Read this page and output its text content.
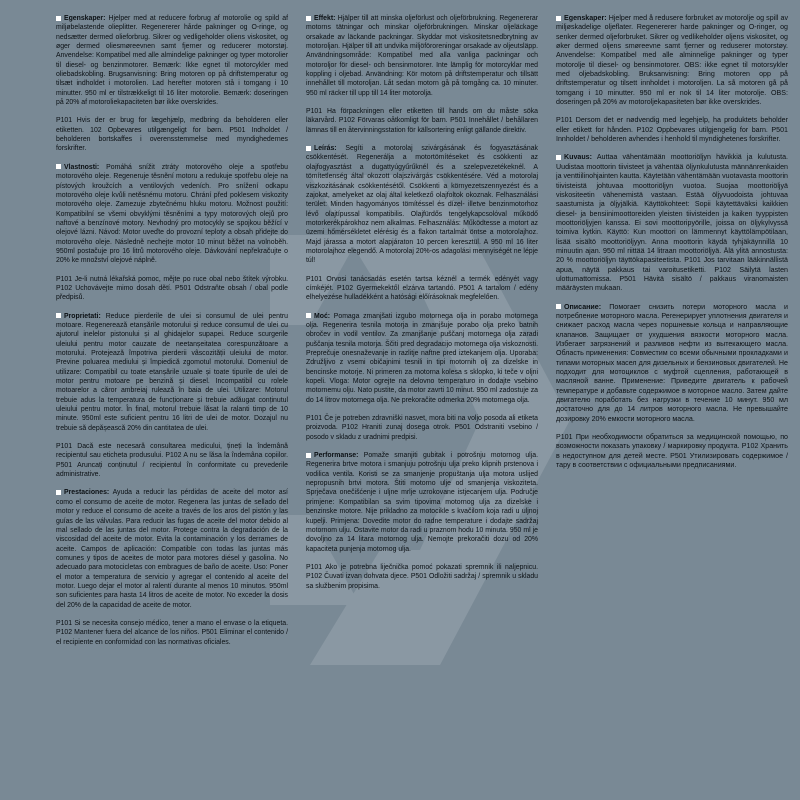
Egenskaper: Hjelper med at reducere forbrug af motorolie og spild af miljøbelastende olieplitter. Regenererer hårde pakninger og O-ringe, og nedsætter dermed olieforbrug. Sikrer og vedligeholder oliens viskositet, og øger dermed oliesmøreevnen samt fjerner og reducerer motorstøj. Anvendelse: Kompatibel med alle almindelige pakninger og typer motorolier til diesel- og benzinmotorer. Bemærk: Ikke egnet til motorcykler med oliebadskobling. Brugsanvisning: Bring motoren op på driftstemperatur og tilsæt indholdet i motorolien. Lad herefter motoren stå i tomgang i 10 minutter. 950 ml er tilstrækkeligt til 16 liter motorolie. Bemærk: doseringen på 20% af motoroliekapaciteten bør ikke overskrides.

P101 Hvis der er brug for lægehjælp, medbring da beholderen eller etiketten. 102 Opbevares utilgængeligt for børn. P501 Indholdet / beholderen bortskaffes i overensstemmelse med myndighedernes forskrifter.

Vlastnosti: Pomáhá snížit ztráty motorového oleje a spotřebu motorového oleje. Regeneruje těsnění motoru a redukuje spotřebu oleje na pístových kroužcích a ventilových vedeních. Pro snížení odkapu motorového oleje kvůli netěsnému motoru. Chrání před poklesem viskozity motorového oleje. Zamezuje zbytečnému hluku motoru. Možnost použití: Kompatibilní se všemi obvyklými těsněními a typy motorových olejů pro naftové a benzínové motory. Nevhodný pro motocykly se spojkou běžící v olejové lázni. Návod: Motor uveďte do provozní teploty a obsah přidejte do motorového oleje. Následně nechejte motor 10 minut běžet na volnoběh. 950ml postačuje pro 16 litrů motorového oleje. Dávkování nepřekračujte o 20% ke množství olejové náplně.

P101 Je-li nutná lékařská pomoc, mějte po ruce obal nebo štítek výrobku. P102 Uchovávejte mimo dosah dětí. P501 Odstraňte obsah / obal podle předpisů.

Proprietati: Reduce pierderile de ulei si consumul de ulei pentru motoare. Regenerează etanșările motorului și reduce consumul de ulei cu ajutorul inelelor pistonului și al ghidajelor supapei. Reduce scurgerile uleiului pentru motor cauzate de neetanșeitatea corespunzătoare a motorului. Protejează împotriva pierderii vâscozității uleiului de motor. Previne poluarea mediului și împiedică zgomotul motorului. Domeniul de utilizare: Compatibil cu toate etanșările uzuale și toate tipurile de ulei de motor pentru motoare pe benzină și diesel. Incompatibil cu rolele motoarelor a căror ambreiaj rulează în baia de ulei. Utilizare: Motorul trebuie adus la temperatura de funcționare și trebuie adăugat conținutul uleiului pentru motor. În final, motorul trebuie lăsat la ralanti timp de 10 minute. 950ml este suficient pentru 16 litri de ulei de motor. Dozajul nu trebuie să depășească 20% din cantitatea de ulei.

P101 Dacă este necesară consultarea medicului, țineți la îndemână recipientul sau eticheta produsului. P102 A nu se lăsa la îndemâna copiilor. P501 Aruncați conținutul / recipientul în conformitate cu prevederile administrative.

Prestaciones: Ayuda a reducir las pérdidas de aceite del motor así como el consumo de aceite de motor. Regenera las juntas de sellado del motor y reduce el consumo de aceite a través de los aros del pistón y las guías de las válvulas. Para reducir las fugas de aceite del motor debido al mal sellado de las juntas del motor. Protege contra la degradación de la viscosidad del aceite de motor. Evita la contaminación y los derrames de aceite. Campos de aplicación: Compatible con todas las juntas más comunes y tipos de aceites de motor para motores diésel y gasolina. No adecuado para motocicletas con embragues de baño de aceite. Uso: Poner el motor a temperatura de servicio y agregar el contenido al aceite del motor. Luego dejar el motor al ralentí durante al menos 10 minutos. 950ml son suficientes para hasta 14 litros de aceite de motor. No exceder la dosis del 20% de la capacidad de aceite de motor.

P101 Si se necesita consejo médico, tener a mano el envase o la etiqueta. P102 Mantener fuera del alcance de los niños. P501 Eliminar el contenido / el recipiente en conformidad con las normativas oficiales.

Effekt: Hjälper till att minska oljeförlust och oljeförbrukning. Regenererar motorns tätningar och minskar oljeförbrukningen. Minskar oljeläckage orsakade av läckande packningar. Skyddar mot viskositetsnedbrytning av motoroljan. Hjälper till att undvika miljöföroreningar orsakade av oljeutsläpp. Användningsområde: Kompatibel med alla vanliga packningar och motoroljor för diesel- och bensinmotorer. Inte lämplig för motorcyklar med koppling i oljebad. Användning: Kör motorn på driftstemperatur och tillsätt innehållet till motoroljan. Låt sedan motorn gå på tomgång ca. 10 minuter. 950 ml räcker till upp till 14 liter motorolja.

P101 Ha förpackningen eller etiketten till hands om du måste söka läkarvård. P102 Förvaras oåtkomligt för barn. P501 Innehållet / behållaren lämnas till en återvinningsstation för källsortering enligt gällande direktiv.

Leírás: Segíti a motorolaj szivárgásának és fogyasztásának csökkentését. Regenerálja a motortömítéseket és csökkenti az olajfogyasztást a dugattyúgyűrűknél és a szelepvezetékeknél. A tömítetlenség által okozott olajszivárgás csökkentésére. Véd a motorolaj viszkozitásának csökkentésétől. Csökkenti a környezetszennyezést és a zajokat, amelyeket az olaj által keletkező olajfoltok okoznak. Felhasználási terület: Minden hagyományos tömítéssel és dízel- illetve benzinmotorhoz lévő olajtípussal kompatibilis. Olajfürdős tengelykapcsolóval működő motorkerékpárokhoz nem alkalmas. Felhasználás: Működtesse a motort az üzemi hőmérsékletet elérésig és a flakon tartalmát öntse a motorolajhoz. Majd járassa a motort alapjáraton 10 percen keresztül. A 950 ml 16 liter motorolajhoz elegendő. A motorolaj 20%-os adagolási mennyiségét ne lépje túl!

P101 Orvosi tanácsadás esetén tartsa kéznél a termék edényét vagy címkéjét. P102 Gyermekektől elzárva tartandó. P501 A tartalom / edény elhelyezése hulladékként a hatósági előírásoknak megfelelően.

Moć: Pomaga zmanjšati izgubo motornega olja in porabo motornega olja. Regenerira tesnila motorja in zmanjšuje porabo olja preko batnih obročev in vodil ventilov. Za zmanjšanje puščanj motornega olja zaradi puščanja tesnila motorja. Ščiti pred degradacijo motornega olja viskoznosti. Preprečuje onesnaževanje in razlitje naftne pred iztekanjem olja. Uporaba: Združljivo z vsemi običajnimi tesnili in tipi motornih olj za dizelske in bencinske motorje. Ni primeren za motorna kolesa s sklopko, ki teče v oljni kopeli. Vloga: Motor ogrejte na delovno temperaturo in dodajte vsebino motornemu olju. Nato pustite, da motor zavrti 10 minut. 950 ml zadostuje za do 14 litrov motornega olja. Ne prekoračite odmerka 20% motornega olja.

P101 Če je potreben zdravniški nasvet, mora biti na voljo posoda ali etiketa proizvoda. P102 Hraniti zunaj dosega otrok. P501 Odstraniti vsebino / posodo v skladu z uradnimi predpisi.

Performanse: Pomaže smanjiti gubitak i potrošnju motornog ulja. Regenerira brtve motora i smanjuju potrošnju ulja preko klipnih prstenova i vodilica ventila. Koristi se za smanjenje propuštanja ulja motora uslijed nepropusnih brtvi motora. Štiti motorno ulje od smanjenja viskoziteta. Sprječava onečišćenje i uljne mrlje uzrokovane istjecanjem ulja. Područje primjene: Kompatibilan sa svim tipovima motornog ulja za dizelske i benzinske motore. Nije prikladno za motocikle s kvačilom koja radi u uljnoj kupelji. Primjena: Dovedite motor do radne temperature i dodajte sadržaj motornom ulju. Ostavite motor da radi u praznom hodu 10 minuta. 950 ml je dovoljno za 14 litara motornog ulja. Nemojte prekoračiti dozu od 20% kapaciteta punjenja motornog ulja.

P101 Ako je potrebna liječnička pomoć pokazati spremnik ili naljepnicu. P102 Čuvati izvan dohvata djece. P501 Odložiti sadržaj / spremnik u skladu sa službenim propisima.

Egenskaper: Hjelper med å redusere forbruket av motorolje og spill av miljøskadelige oljeflater. Regenererer harde pakninger og O-ringer, og senker dermed oljeforbruket. Sikrer og vedlikeholder oljens viskositet, og øker dermed oljens smøreevne samt fjerner og reduserer motorstøy. Anvendelse: Kompatibel med alle alminnelige pakninger og typer motorolje til diesel- og bensinmotorer. OBS: ikke egnet til motorsykler med oljebadskobling. Bruksanvisning: Bring motoren opp på driftstemperatur og tilsett innholdet i motoroljen. La så motoren gå på tomgang i 10 minutter. 950 ml er nok til 14 liter motorolje. OBS: doseringen på 20% av motoroljekapasiteten bør ikke overskrides.

P101 Dersom det er nødvendig med legehjelp, ha produktets beholder eller etikett for hånden. P102 Oppbevares utilgjengelig for barn. P501 Innholdet / beholderen avhendes i henhold til myndighetenes forskrifter.

Kuvaus: Auttaa vähentämään moottoriöljyn hävikkiä ja kulutusta. Uudistaa moottorin tiivisteet ja vähentää öljynkulutusta männänrenkaiden ja venttiilinohjainten kautta. Käytetään vähentämään vuotavasta moottorin tiivisteistä johtuvaa moottoriöljyn vuotoa. Suojaa moottoriöljyä viskositeetin vähenemistä vastaan. Estää öljyvuodoista johtuvaa saastumista ja öljyjälkiä. Käyttökohteet: Sopii käytettäväksi kaikkien diesel- ja bensiinimoottoreiden yleisten tiivisteiden ja kaiken tyyppisten moottoriöljyjen kanssa. Ei sovi moottoripyörille, joissa on öljykylvyssä toimiva kytkin. Käyttö: Kun moottori on lämmennyt käyttölämpötilaan, lisää sisältö moottoriöljyyn. Anna moottorin käydä tyhjäkäynnillä 10 minuutin ajan. 950 ml riittää 14 litraan moottoriöljyä. Älä ylitä annostusta: 20 % moottoriöljyn täyttökapasiteetista. P101 Jos tarvitaan lääkinnällistä apua, näytä pakkaus tai varoitusetiketti. P102 Säilytä lasten ulottumattomissa. P501 Hävitä sisältö / pakkaus viranomaisten määräysten mukaan.

Описание: Помогает снизить потери моторного масла и потребление моторного масла. Регенерирует уплотнения двигателя и снижает расход масла через поршневые кольца и направляющие клапанов. Защищает от ухудшения вязкости моторного масла. Избегает загрязнений и разливов нефти из вытекающего масла. Область применения: Совместим со всеми обычными прокладками и типами моторных масел для дизельных и бензиновых двигателей. Не подходит для мотоциклов с муфтой сцепления, работающей в масляной ванне. Применение: Приведите двигатель к рабочей температуре и добавьте содержимое в моторное масло. Затем дайте двигателю поработать без нагрузки в течение 10 минут. 950 мл достаточно для до 14 литров моторного масла. Не превышайте дозировку 20% емкости моторного масла.

P101 При необходимости обратиться за медицинской помощью, по возможности показать упаковку / маркировку продукта. P102 Хранить в недоступном для детей месте. P501 Утилизировать содержимое / тару в соответствии с официальными предписаниями.
